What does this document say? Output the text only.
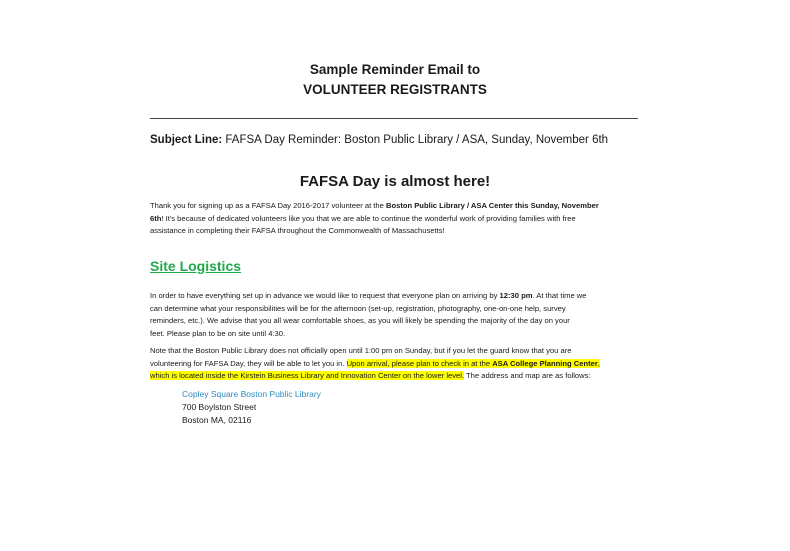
Sample Reminder Email to
VOLUNTEER REGISTRANTS
Subject Line: FAFSA Day Reminder: Boston Public Library / ASA, Sunday, November 6th
FAFSA Day is almost here!
Thank you for signing up as a FAFSA Day 2016-2017 volunteer at the Boston Public Library / ASA Center this Sunday, November
6th! It's because of dedicated volunteers like you that we are able to continue the wonderful work of providing families with free
assistance in completing their FAFSA throughout the Commonwealth of Massachusetts!
Site Logistics
In order to have everything set up in advance we would like to request that everyone plan on arriving by 12:30 pm. At that time we
can determine what your responsibilities will be for the afternoon (set-up, registration, photography, one-on-one help, survey
reminders, etc.). We advise that you all wear comfortable shoes, as you will likely be spending the majority of the day on your
feet. Please plan to be on site until 4:30.
Note that the Boston Public Library does not officially open until 1:00 pm on Sunday, but if you let the guard know that you are
volunteering for FAFSA Day, they will be able to let you in. Upon arrival, please plan to check in at the ASA College Planning Center,
which is located inside the Kirstein Business Library and Innovation Center on the lower level. The address and map are as follows:
Copley Square Boston Public Library
700 Boylston Street
Boston MA, 02116
